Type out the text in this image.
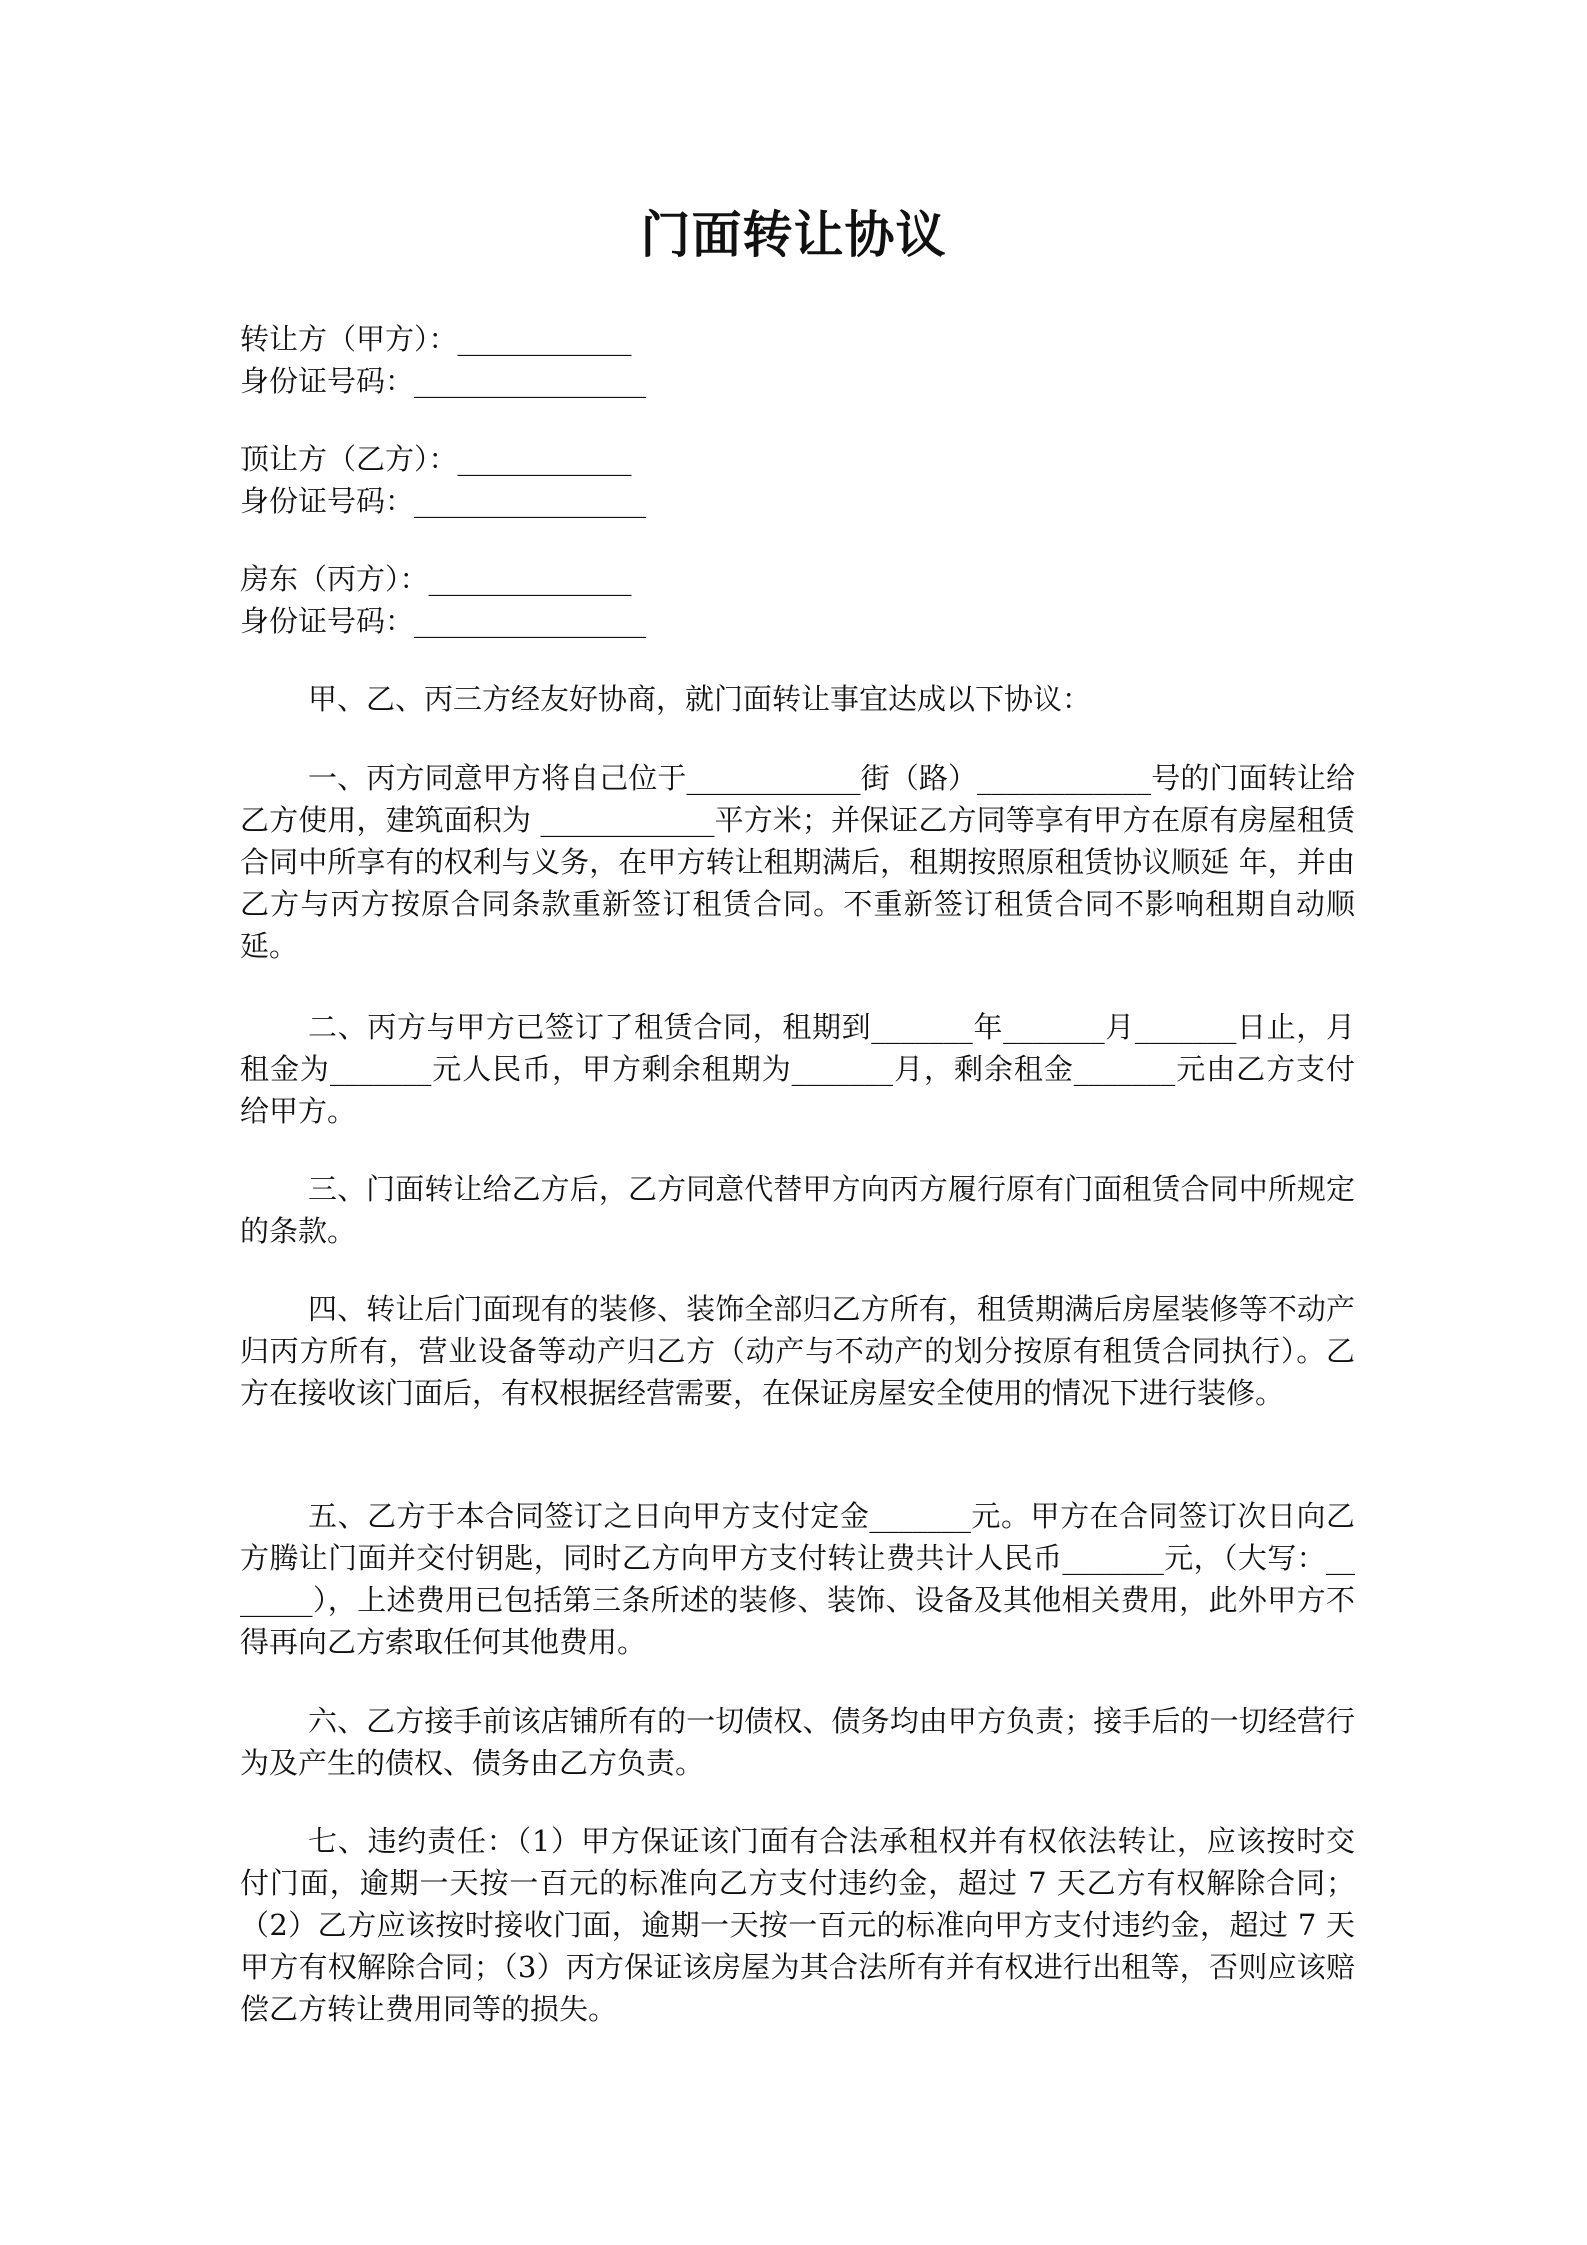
门面转让协议
转让方（甲方）：____________
身份证号码：________________
顶让方（乙方）：____________
身份证号码：________________
房东（丙方）：______________
身份证号码：________________
甲、乙、丙三方经友好协商，就门面转让事宜达成以下协议：
一、丙方同意甲方将自己位于____________街（路）____________号的门面转让给乙方使用，建筑面积为 ____________平方米；并保证乙方同等享有甲方在原有房屋租赁合同中所享有的权利与义务，在甲方转让租期满后，租期按照原租赁协议顺延 年，并由乙方与丙方按原合同条款重新签订租赁合同。不重新签订租赁合同不影响租期自动顺延。
二、丙方与甲方已签订了租赁合同，租期到_______年_______月_______日止，月租金为_______元人民币，甲方剩余租期为_______月，剩余租金_______元由乙方支付给甲方。
三、门面转让给乙方后，乙方同意代替甲方向丙方履行原有门面租赁合同中所规定的条款。
四、转让后门面现有的装修、装饰全部归乙方所有，租赁期满后房屋装修等不动产归丙方所有，营业设备等动产归乙方（动产与不动产的划分按原有租赁合同执行）。乙方在接收该门面后，有权根据经营需要，在保证房屋安全使用的情况下进行装修。
五、乙方于本合同签订之日向甲方支付定金_______元。甲方在合同签订次日向乙方腾让门面并交付钥匙，同时乙方向甲方支付转让费共计人民币_______元，（大写：_______），上述费用已包括第三条所述的装修、装饰、设备及其他相关费用，此外甲方不得再向乙方索取任何其他费用。
六、乙方接手前该店铺所有的一切债权、债务均由甲方负责；接手后的一切经营行为及产生的债权、债务由乙方负责。
七、违约责任：（1）甲方保证该门面有合法承租权并有权依法转让，应该按时交付门面，逾期一天按一百元的标准向乙方支付违约金，超过 7 天乙方有权解除合同；（2）乙方应该按时接收门面，逾期一天按一百元的标准向甲方支付违约金，超过 7 天甲方有权解除合同；（3）丙方保证该房屋为其合法所有并有权进行出租等，否则应该赔偿乙方转让费用同等的损失。
